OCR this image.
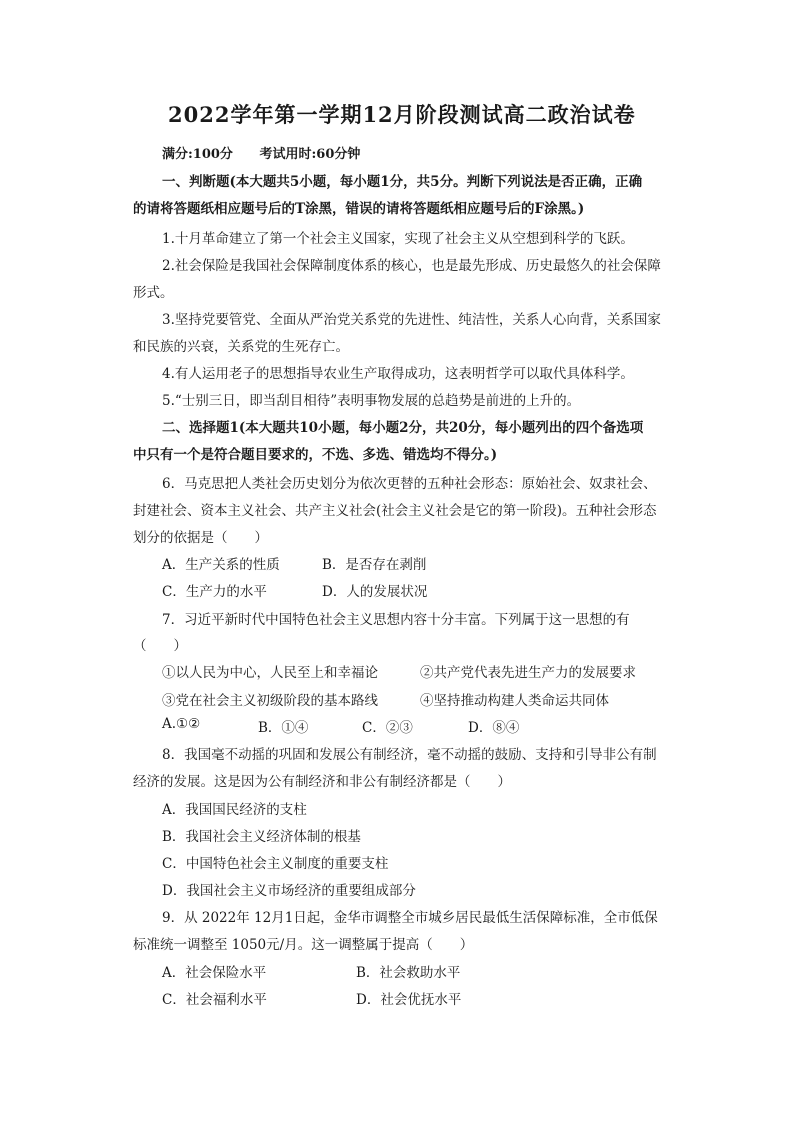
2022学年第一学期12月阶段测试高二政治试卷
满分:100分 考试用时:60分钟
一、判断题(本大题共5小题，每小题1分，共5分。判断下列说法是否正确，正确
的请将答题纸相应题号后的T涂黑，错误的请将答题纸相应题号后的F涂黑。)
1.十月革命建立了第一个社会主义国家，实现了社会主义从空想到科学的飞跃。
2.社会保险是我国社会保障制度体系的核心，也是最先形成、历史最悠久的社会保障
形式。
3.坚持党要管党、全面从严治党关系党的先进性、纯洁性，关系人心向背，关系国家
和民族的兴衰，关系党的生死存亡。
4.有人运用老子的思想指导农业生产取得成功，这表明哲学可以取代具体科学。
5.“士别三日，即当刮目相待”表明事物发展的总趋势是前进的上升的。
二、选择题1(本大题共10小题，每小题2分，共20分，每小题列出的四个备选项
中只有一个是符合题目要求的，不选、多选、错选均不得分。)
6．马克思把人类社会历史划分为依次更替的五种社会形态：原始社会、奴隶社会、
封建社会、资本主义社会、共产主义社会(社会主义社会是它的第一阶段)。五种社会形态
划分的依据是（　　）
A．生产关系的性质	B．是否存在剥削
C．生产力的水平	D．人的发展状况
7．习近平新时代中国特色社会主义思想内容十分丰富。下列属于这一思想的有
（　　）
①以人民为中心，人民至上和幸福论	②共产党代表先进生产力的发展要求
③党在社会主义初级阶段的基本路线	④坚持推动构建人类命运共同体
A.①②	B．①④	C．②③	D．⑧④
8．我国毫不动摇的巩固和发展公有制经济，毫不动摇的鼓励、支持和引导非公有制
经济的发展。这是因为公有制经济和非公有制经济都是（　　）
A．我国国民经济的支柱
B．我国社会主义经济体制的根基
C．中国特色社会主义制度的重要支柱
D．我国社会主义市场经济的重要组成部分
9．从 2022年 12月1日起，金华市调整全市城乡居民最低生活保障标准，全市低保
标准统一调整至 1050元/月。这一调整属于提高（　　）
A．社会保险水平	B．社会救助水平
C．社会福利水平	D．社会优抚水平
